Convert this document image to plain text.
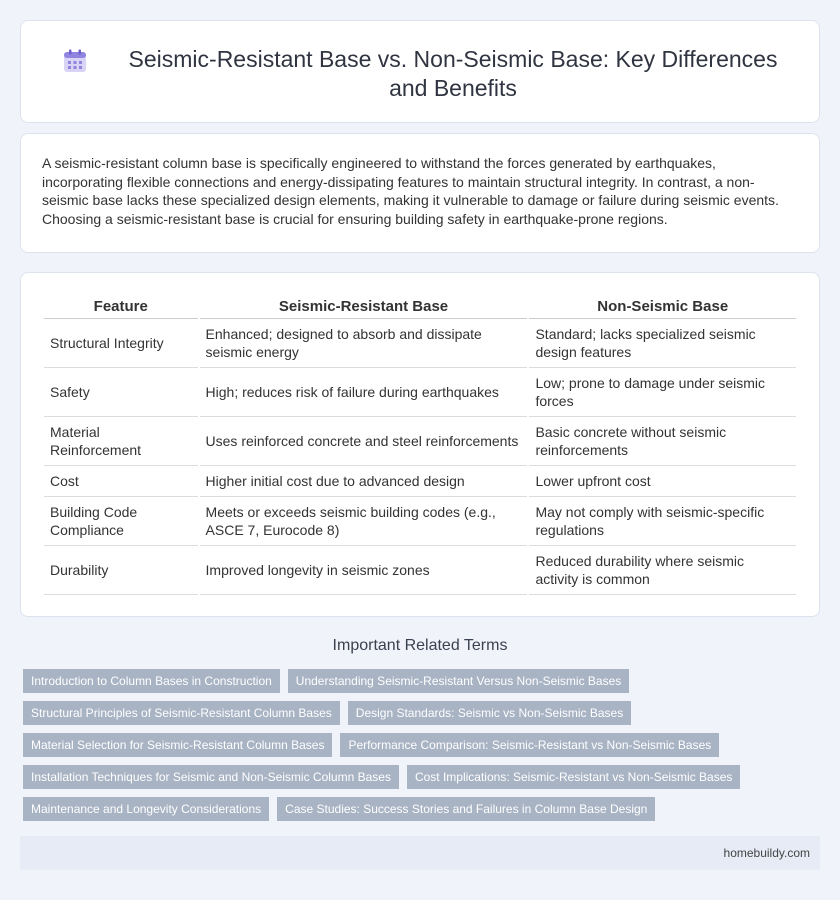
Seismic-Resistant Base vs. Non-Seismic Base: Key Differences and Benefits

A seismic-resistant column base is specifically engineered to withstand the forces generated by earthquakes, incorporating flexible connections and energy-dissipating features to maintain structural integrity. In contrast, a non-seismic base lacks these specialized design elements, making it vulnerable to damage or failure during seismic events. Choosing a seismic-resistant base is crucial for ensuring building safety in earthquake-prone regions.

Feature	Seismic-Resistant Base	Non-Seismic Base
Structural Integrity	Enhanced; designed to absorb and dissipate seismic energy	Standard; lacks specialized seismic design features
Safety	High; reduces risk of failure during earthquakes	Low; prone to damage under seismic forces
Material Reinforcement	Uses reinforced concrete and steel reinforcements	Basic concrete without seismic reinforcements
Cost	Higher initial cost due to advanced design	Lower upfront cost
Building Code Compliance	Meets or exceeds seismic building codes (e.g., ASCE 7, Eurocode 8)	May not comply with seismic-specific regulations
Durability	Improved longevity in seismic zones	Reduced durability where seismic activity is common
Important Related Terms
Introduction to Column Bases in Construction	Understanding Seismic-Resistant Versus Non-Seismic Bases
Structural Principles of Seismic-Resistant Column Bases	Design Standards: Seismic vs Non-Seismic Bases
Material Selection for Seismic-Resistant Column Bases	Performance Comparison: Seismic-Resistant vs Non-Seismic Bases
Installation Techniques for Seismic and Non-Seismic Column Bases	Cost Implications: Seismic-Resistant vs Non-Seismic Bases
Maintenance and Longevity Considerations	Case Studies: Success Stories and Failures in Column Base Design
homebuildy.com
